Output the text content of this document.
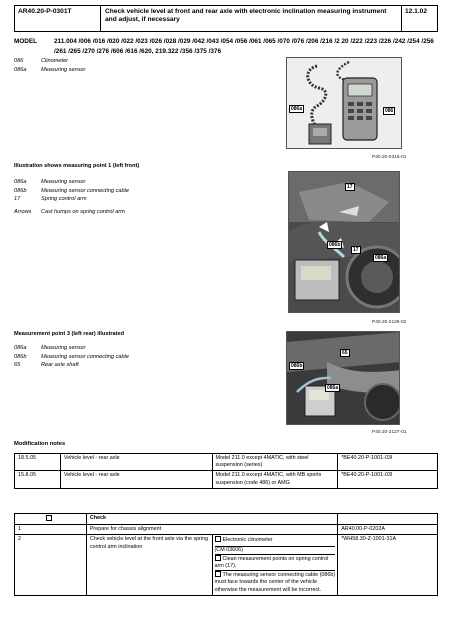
AR40.20-P-0301T	Check vehicle level at front and rear axle with electronic inclination measuring instrument and adjust, if necessary
12.1.02
MODEL	211.004 /006 /016 /020 /022 /023 /026 /028 /029 /042 /043 /054 /056 /061 /065 /070 /076 /206 /216 /2 20 /222 /223 /226 /242 /254 /256 /261 /265 /270 /276 /606 /616 /620, 219.322 /356 /375 /376
086	Clinometer
086a	Measuring sensor
086a	086
P40.20-0316-01
Illustration shows measuring point 1 (left front)
086a	Measuring sensor
086b	Measuring sensor connecting cable
17	Spring control arm
Arrows	Cast humps on spring control arm
17
086b
17
086a
P40.20-2126-02
Measurement point 3 (left rear) illustrated
086a	Measuring sensor
086b	Measuring sensor connecting cable
65	Rear axle shaft
65
086b
086a
P40.20-2127-01
Modification notes
18.5.05	Vehicle level - rear axle	Model 211.0 except 4MATIC, with steel suspension (series)	*BE40.20-P-1001-03I
15.8.05	Vehicle level - rear axle	Model 211.0 except 4MATIC, with MB sports suspension (code 486) or AMG	*BE40.20-P-1001-03I
	Check		
1	Prepare for chassis alignment		AR40.00-P-0202A
2	Check vehicle level at the front axle via the spring control arm inclination	Electronic clinometer
(CM 03606)
Clean measurement points on spring control arm (17).
The measuring sensor connecting cable (086b) must face towards the center of the vehicle otherwise the measurement will be incorrect.	*WH58.30-Z-1001-31A
